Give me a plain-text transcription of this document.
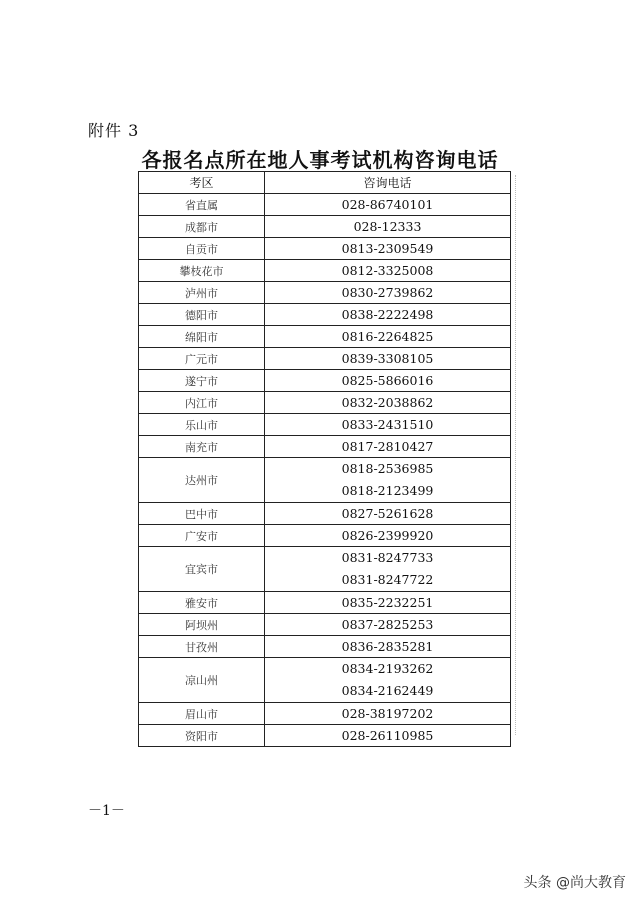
附件 3
各报名点所在地人事考试机构咨询电话
考区	咨询电话
省直属	028-86740101
成都市	028-12333
自贡市	0813-2309549
攀枝花市	0812-3325008
泸州市	0830-2739862
德阳市	0838-2222498
绵阳市	0816-2264825
广元市	0839-3308105
遂宁市	0825-5866016
内江市	0832-2038862
乐山市	0833-2431510
南充市	0817-2810427
达州市	0818-2536985
0818-2123499

巴中市	0827-5261628
广安市	0826-2399920
宜宾市	0831-8247733
0831-8247722

雅安市	0835-2232251
阿坝州	0837-2825253
甘孜州	0836-2835281
凉山州	0834-2193262
0834-2162449

眉山市	028-38197202
资阳市	028-26110985
－1－
头条 @尚大教育
